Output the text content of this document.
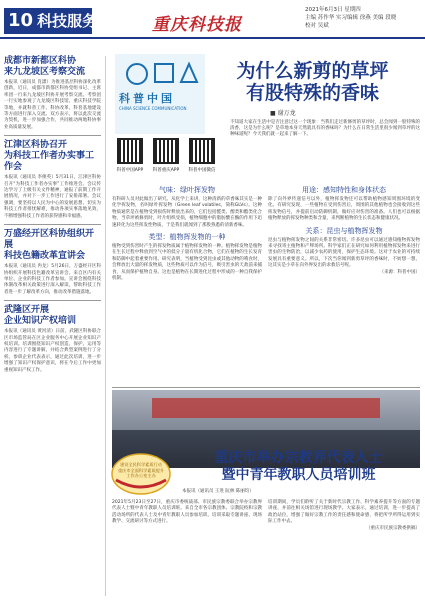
10 科技服务·科普 重庆科技报
2021年6月3日 星期四
主编 苏作华 实习编辑 徐燕 美编 段晓
校对 吴斌
成都市新都区科协
来九龙坡区考察交流
本报讯（通讯员 肖潇）为推进基层科协深化改革创新，近日，成都市新都区科协党组书记、主席率团一行来九龙坡区科协开展考察交流。考察团一行实地参观了九龙坡区科技馆、重庆科技学院等地，并就科普工作、科协改革、科普基地建设等方面进行深入交流。双方表示，将以此次交流为契机，进一步加强合作，共同推动两地科协事业高质量发展。
江津区科协召开
为科技工作者办实事工作会
本报讯（通讯员 李俊英）5月31日，江津区科协召开“为科技工作者办实事”工作推进会。会议传达学习了上级有关文件精神，通报了前期工作开展情况，并对下一步工作进行了安排部署。会议强调，要坚持以人民为中心的发展思想，切实为科技工作者排忧解难，推动各项实事落地见效，不断增强科技工作者的获得感和幸福感。
万盛经开区科协组织开展
科技色籍改革宣讲会
本报讯（通讯员 冉龙）5月26日，万盛经开区科协组织开展科技色籍改革宣讲会。来自区内有关单位、企业的科技工作者参加。宣讲会围绕科技体制改革相关政策进行深入解读，帮助科技工作者进一步了解改革方向，推动改革措施落地。
武隆区开展
企业知识产权培训
本报讯（通讯员 黄河清）日前，武隆区科协联合区市场监管局在区企业服务中心开展企业知识产权培训。培训围绕知识产权创造、保护、运用等内容进行了专题讲解，并结合典型案例进行了分析。参训企业代表表示，通过此次培训，进一步增强了知识产权保护意识，将在今后工作中更加重视知识产权工作。
科普中国
CHINA SCIENCE COMMUNICATION
科普中国APP	科普重庆APP	科普中国微信
为什么新剪的草坪
有股特殊的香味
■ 谢万龙
不知道大家在生活中是否注意过这一个现象：当我们走过新修剪的草坪时，总会闻到一股特殊的清香，这是为什么呢？是草地本身天然就具有的香味吗？为什么在日常生活里很少闻到草坪的这种味道呢？今天我们就一起来了解一下。
气味：绿叶挥发物
有科研人员对此做出了研究。从化学上来讲，这种清新的草香味其实是一种化学挥发物，名叫绿叶挥发物（Green leaf volatiles，简称GLVs）。这种物质通常是在植物受到损伤时释放出来的，它们包括醛类、醇类和酯类化合物。当草坪被修剪时，叶片组织受损，植物细胞中的脂肪酸在酶的作用下迅速转化为这些挥发性物质，于是我们就闻到了那股熟悉的清新香味。
类型：植物挥发物的一种
植物受到伤害时产生的挥发物质属于植物挥发物的一种。植物挥发物是植物在生长过程中释放到空气中的低分子量有机化合物，它们在植物的生长发育和防御中起着重要作用。研究表明，当植物受到昆虫或其他动物的啃食时，会释放出大量的挥发物质，这些物质可以作为信号，吸引害虫的天敌前来捕食，从而保护植物自身。这也是植物在长期进化过程中形成的一种自我保护机制。
用途：感知特性和身体状态
除了向外界传递信号以外，植物挥发物还可以帮助植物感知周围环境的变化。有研究发现，一些植物在受到伤害后，周围的其他植物也会接收到这些挥发物信号，并提前启动防御机制，做好应对伤害的准备。人们也可以根据植物释放的挥发物种类和含量，来判断植物的生长状态和健康状况。
关系：昆虫与植物挥发物
昆虫与植物挥发物之间的关系非常密切。许多昆虫可以通过感知植物挥发物来寻找寄主植物和产卵场所。科学家们正在研究如何利用植物挥发物来进行害虫的生物防治，以减少农药的使用，保护生态环境。这对于农业的可持续发展具有重要意义。所以，下次当你闻到新剪草坪的香味时，不妨想一想，这其实是小草在向外界发出的求救信号呢。
（来源：科普中国）
建设全民科学素质行动
重庆市全面科学素质提升工作办公室主办
重庆市举办宗教界代表人士
暨中青年教职人员培训班
本报讯（通讯员 王进 阮林 陈丽均）
2021年5月23日至27日，重庆市委统战部、市民族宗教委联合举办宗教界代表人士暨中青年教职人员培训班。来自全市各宗教团体、宗教院校和宗教活动场所的代表人士及中青年教职人员参加培训。培训采取专题讲座、现场教学、交流研讨等方式进行。
培训期间，学员们聆听了关于新时代宗教工作、科学素养提升等方面的专题讲座，并前往相关场馆进行现场教学。大家表示，通过培训，进一步提高了政治站位，增强了做好宗教工作的责任感和使命感，将把所学所得运用到实际工作中去。
（重庆市民族宗教委供稿）
